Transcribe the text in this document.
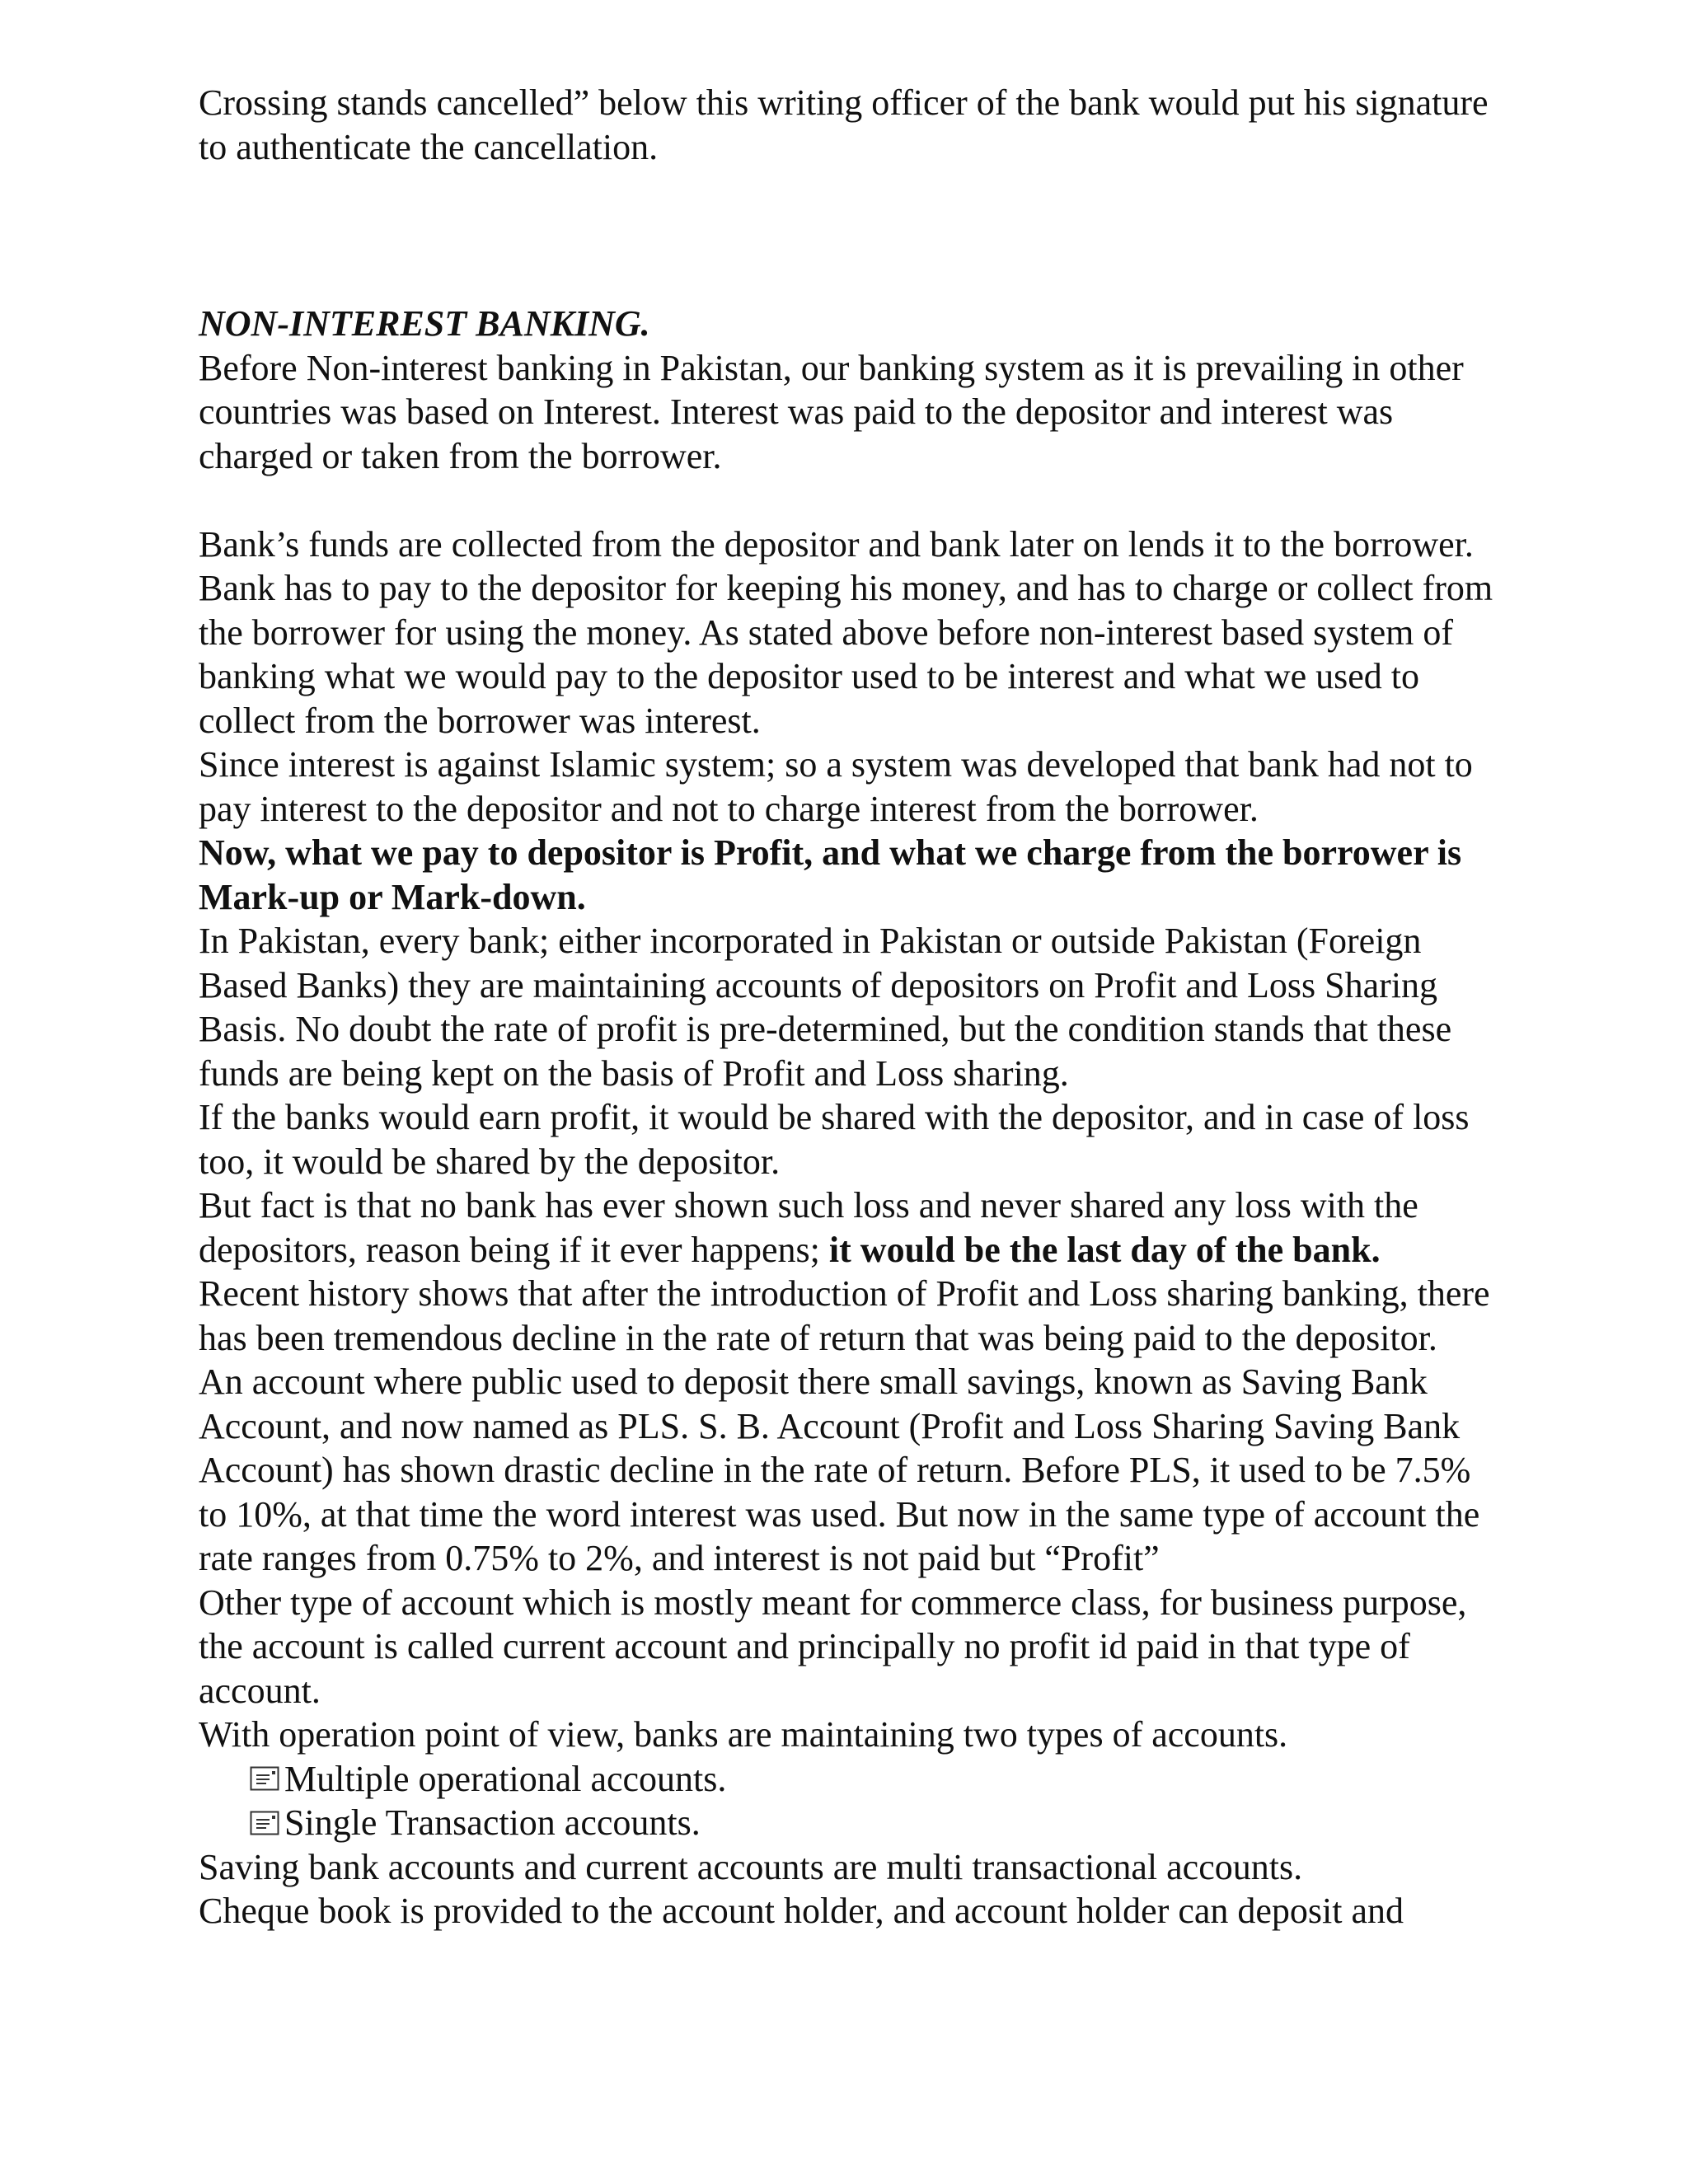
Crossing stands cancelled” below this writing officer of the bank would put his signature to authenticate the cancellation.

NON-INTEREST BANKING.

Before Non-interest banking in Pakistan, our banking system as it is prevailing in other countries was based on Interest. Interest was paid to the depositor and interest was charged or taken from the borrower.

Bank’s funds are collected from the depositor and bank later on lends it to the borrower. Bank has to pay to the depositor for keeping his money, and has to charge or collect from the borrower for using the money. As stated above before non-interest based system of banking what we would pay to the depositor used to be interest and what we used to collect from the borrower was interest.

Since interest is against Islamic system; so a system was developed that bank had not to pay interest to the depositor and not to charge interest from the borrower.

Now, what we pay to depositor is Profit, and what we charge from the borrower is Mark-up or Mark-down.

In Pakistan, every bank; either incorporated in Pakistan or outside Pakistan (Foreign Based Banks) they are maintaining accounts of depositors on Profit and Loss Sharing Basis. No doubt the rate of profit is pre-determined, but the condition stands that these funds are being kept on the basis of Profit and Loss sharing.

If the banks would earn profit, it would be shared with the depositor, and in case of loss too, it would be shared by the depositor.

But fact is that no bank has ever shown such loss and never shared any loss with the depositors, reason being if it ever happens; it would be the last day of the bank.

Recent history shows that after the introduction of Profit and Loss sharing banking, there has been tremendous decline in the rate of return that was being paid to the depositor.

An account where public used to deposit there small savings, known as Saving Bank Account, and now named as PLS. S. B. Account (Profit and Loss Sharing Saving Bank Account) has shown drastic decline in the rate of return. Before PLS, it used to be 7.5% to 10%, at that time the word interest was used. But now in the same type of account the rate ranges from 0.75% to 2%, and interest is not paid but “Profit”

Other type of account which is mostly meant for commerce class, for business purpose, the account is called current account and principally no profit id paid in that type of account.

With operation point of view, banks are maintaining two types of accounts.

Multiple operational accounts.
Single Transaction accounts.

Saving bank accounts and current accounts are multi transactional accounts.

Cheque book is provided to the account holder, and account holder can deposit and
